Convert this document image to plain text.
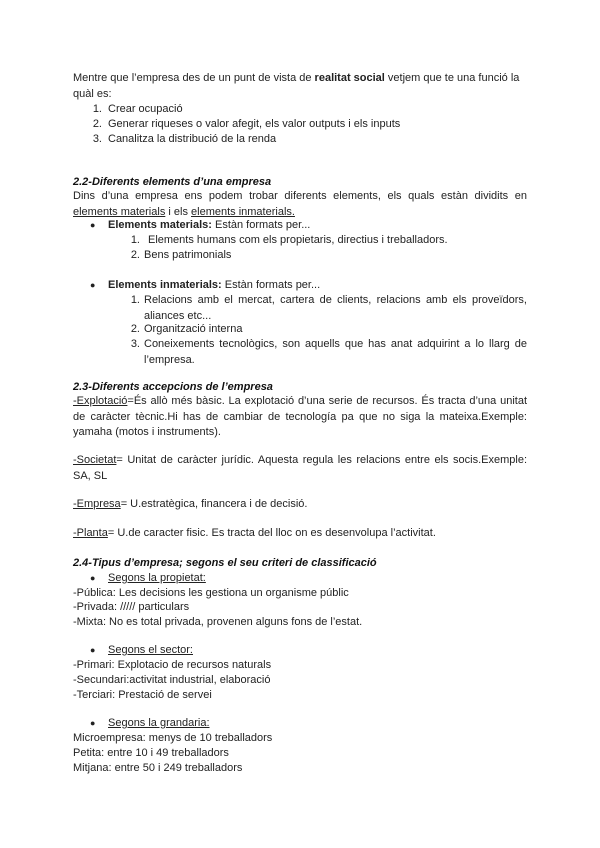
Mentre que l’empresa des de un punt de vista de realitat social vetjem que te una funció la quàl es:
1. Crear ocupació
2. Generar riqueses o valor afegit, els valor outputs i els inputs
3. Canalitza la distribució de la renda
2.2-Diferents elements d’una empresa
Dins d’una empresa ens podem trobar diferents elements, els quals estàn dividits en elements materials i els elements inmaterials.
● Elements materials: Estàn formats per...
1. Elements humans com els propietaris, directius i treballadors.
2. Bens patrimonials
● Elements inmaterials: Estàn formats per...
1. Relacions amb el mercat, cartera de clients, relacions amb els proveïdors, aliances etc...
2. Organització interna
3. Coneixements tecnològics, son aquells que has anat adquirint a lo llarg de l’empresa.
2.3-Diferents accepcions de l’empresa
-Explotació=És allò més bàsic. La explotació d’una serie de recursos. És tracta d’una unitat de caràcter tècnic.Hi has de cambiar de tecnología pa que no siga la mateixa.Exemple: yamaha (motos i instruments).
-Societat= Unitat de caràcter jurídic. Aquesta regula les relacions entre els socis.Exemple: SA, SL
-Empresa= U.estratègica, financera i de decisió.
-Planta= U.de caracter fisic. Es tracta del lloc on es desenvolupa l’activitat.
2.4-Tipus d’empresa; segons el seu criteri de classificació
● Segons la propietat:
-Pública: Les decisions les gestiona un organisme públic
-Privada: ///// particulars
-Mixta: No es total privada, provenen alguns fons de l’estat.
● Segons el sector:
-Primari: Explotacio de recursos naturals
-Secundari:activitat industrial, elaboració
-Terciari: Prestació de servei
● Segons la grandaria:
Microempresa: menys de 10 treballadors
Petita: entre 10 i 49 treballadors
Mitjana: entre 50 i 249 treballadors
